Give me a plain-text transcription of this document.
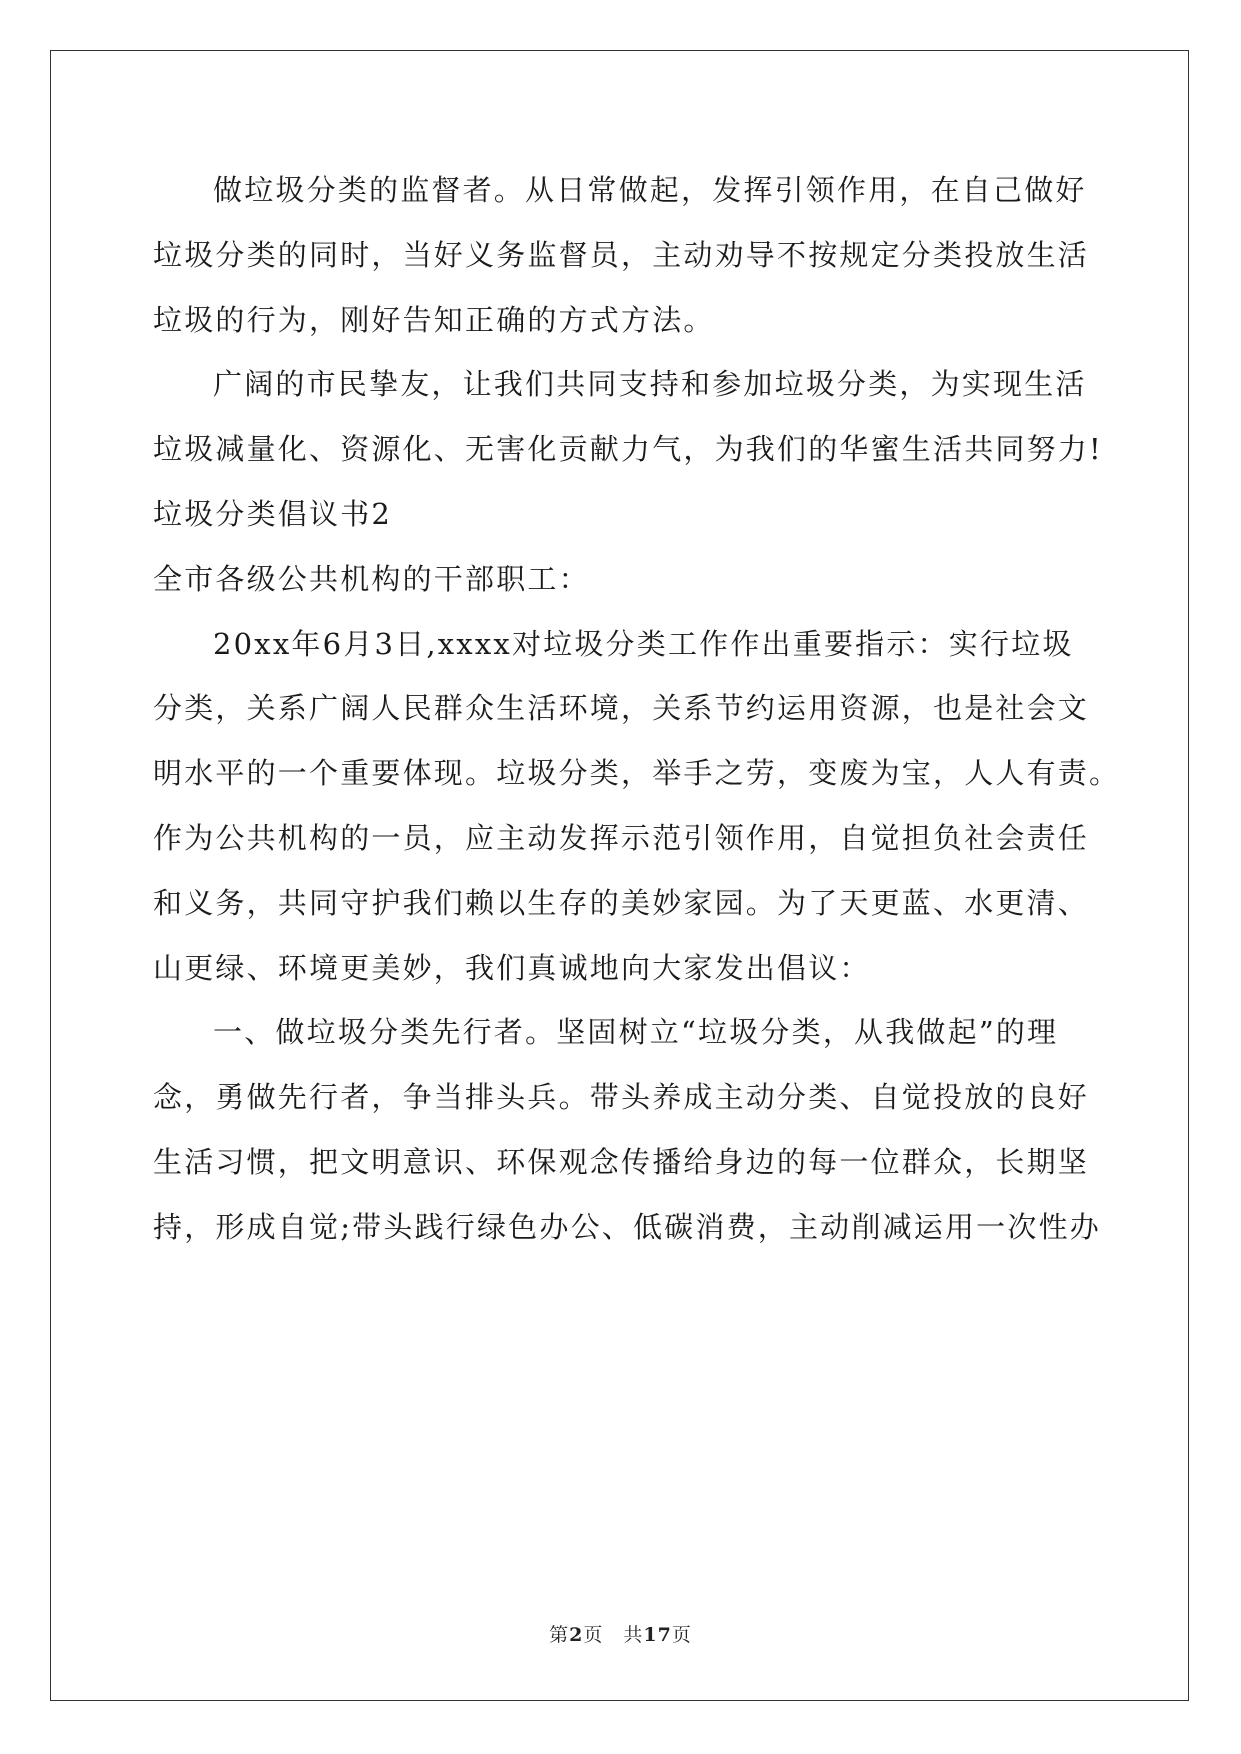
做垃圾分类的监督者。从日常做起，发挥引领作用，在自己做好
垃圾分类的同时，当好义务监督员，主动劝导不按规定分类投放生活
垃圾的行为，刚好告知正确的方式方法。
广阔的市民挚友，让我们共同支持和参加垃圾分类，为实现生活
垃圾减量化、资源化、无害化贡献力气，为我们的华蜜生活共同努力!
垃圾分类倡议书2
全市各级公共机构的干部职工：
20xx年6月3日,xxxx对垃圾分类工作作出重要指示：实行垃圾
分类，关系广阔人民群众生活环境，关系节约运用资源，也是社会文
明水平的一个重要体现。垃圾分类，举手之劳，变废为宝，人人有责。
作为公共机构的一员，应主动发挥示范引领作用，自觉担负社会责任
和义务，共同守护我们赖以生存的美妙家园。为了天更蓝、水更清、
山更绿、环境更美妙，我们真诚地向大家发出倡议：
一、做垃圾分类先行者。坚固树立“垃圾分类，从我做起”的理
念，勇做先行者，争当排头兵。带头养成主动分类、自觉投放的良好
生活习惯，把文明意识、环保观念传播给身边的每一位群众，长期坚
持，形成自觉;带头践行绿色办公、低碳消费，主动削减运用一次性办
第2页　共17页
